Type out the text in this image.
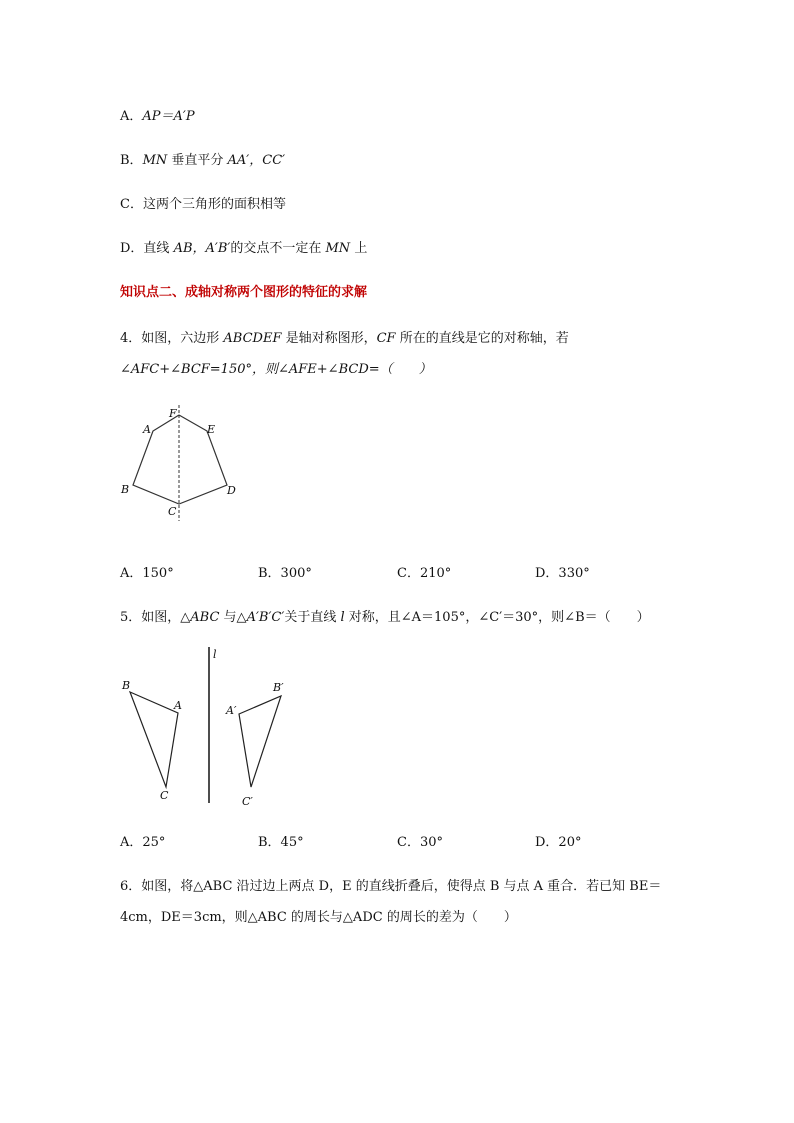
A．AP＝A′P
B．MN 垂直平分 AA′，CC′
C．这两个三角形的面积相等
D．直线 AB，A′B′的交点不一定在 MN 上
知识点二、成轴对称两个图形的特征的求解
4．如图，六边形 ABCDEF 是轴对称图形，CF 所在的直线是它的对称轴，若
∠AFC+∠BCF=150°，则∠AFE+∠BCD=（　　）
F
A	E
B	D
C
A．150°	B．300°	C．210°	D．330°
5．如图，△ABC 与△A′B′C′关于直线 l 对称，且∠A＝105°，∠C′＝30°，则∠B＝（　　）
l
B
A
C
A′
B′
C′
A．25°	B．45°	C．30°	D．20°
6．如图，将△ABC 沿过边上两点 D，E 的直线折叠后，使得点 B 与点 A 重合．若已知 BE＝
4cm，DE＝3cm，则△ABC 的周长与△ADC 的周长的差为（　　）
